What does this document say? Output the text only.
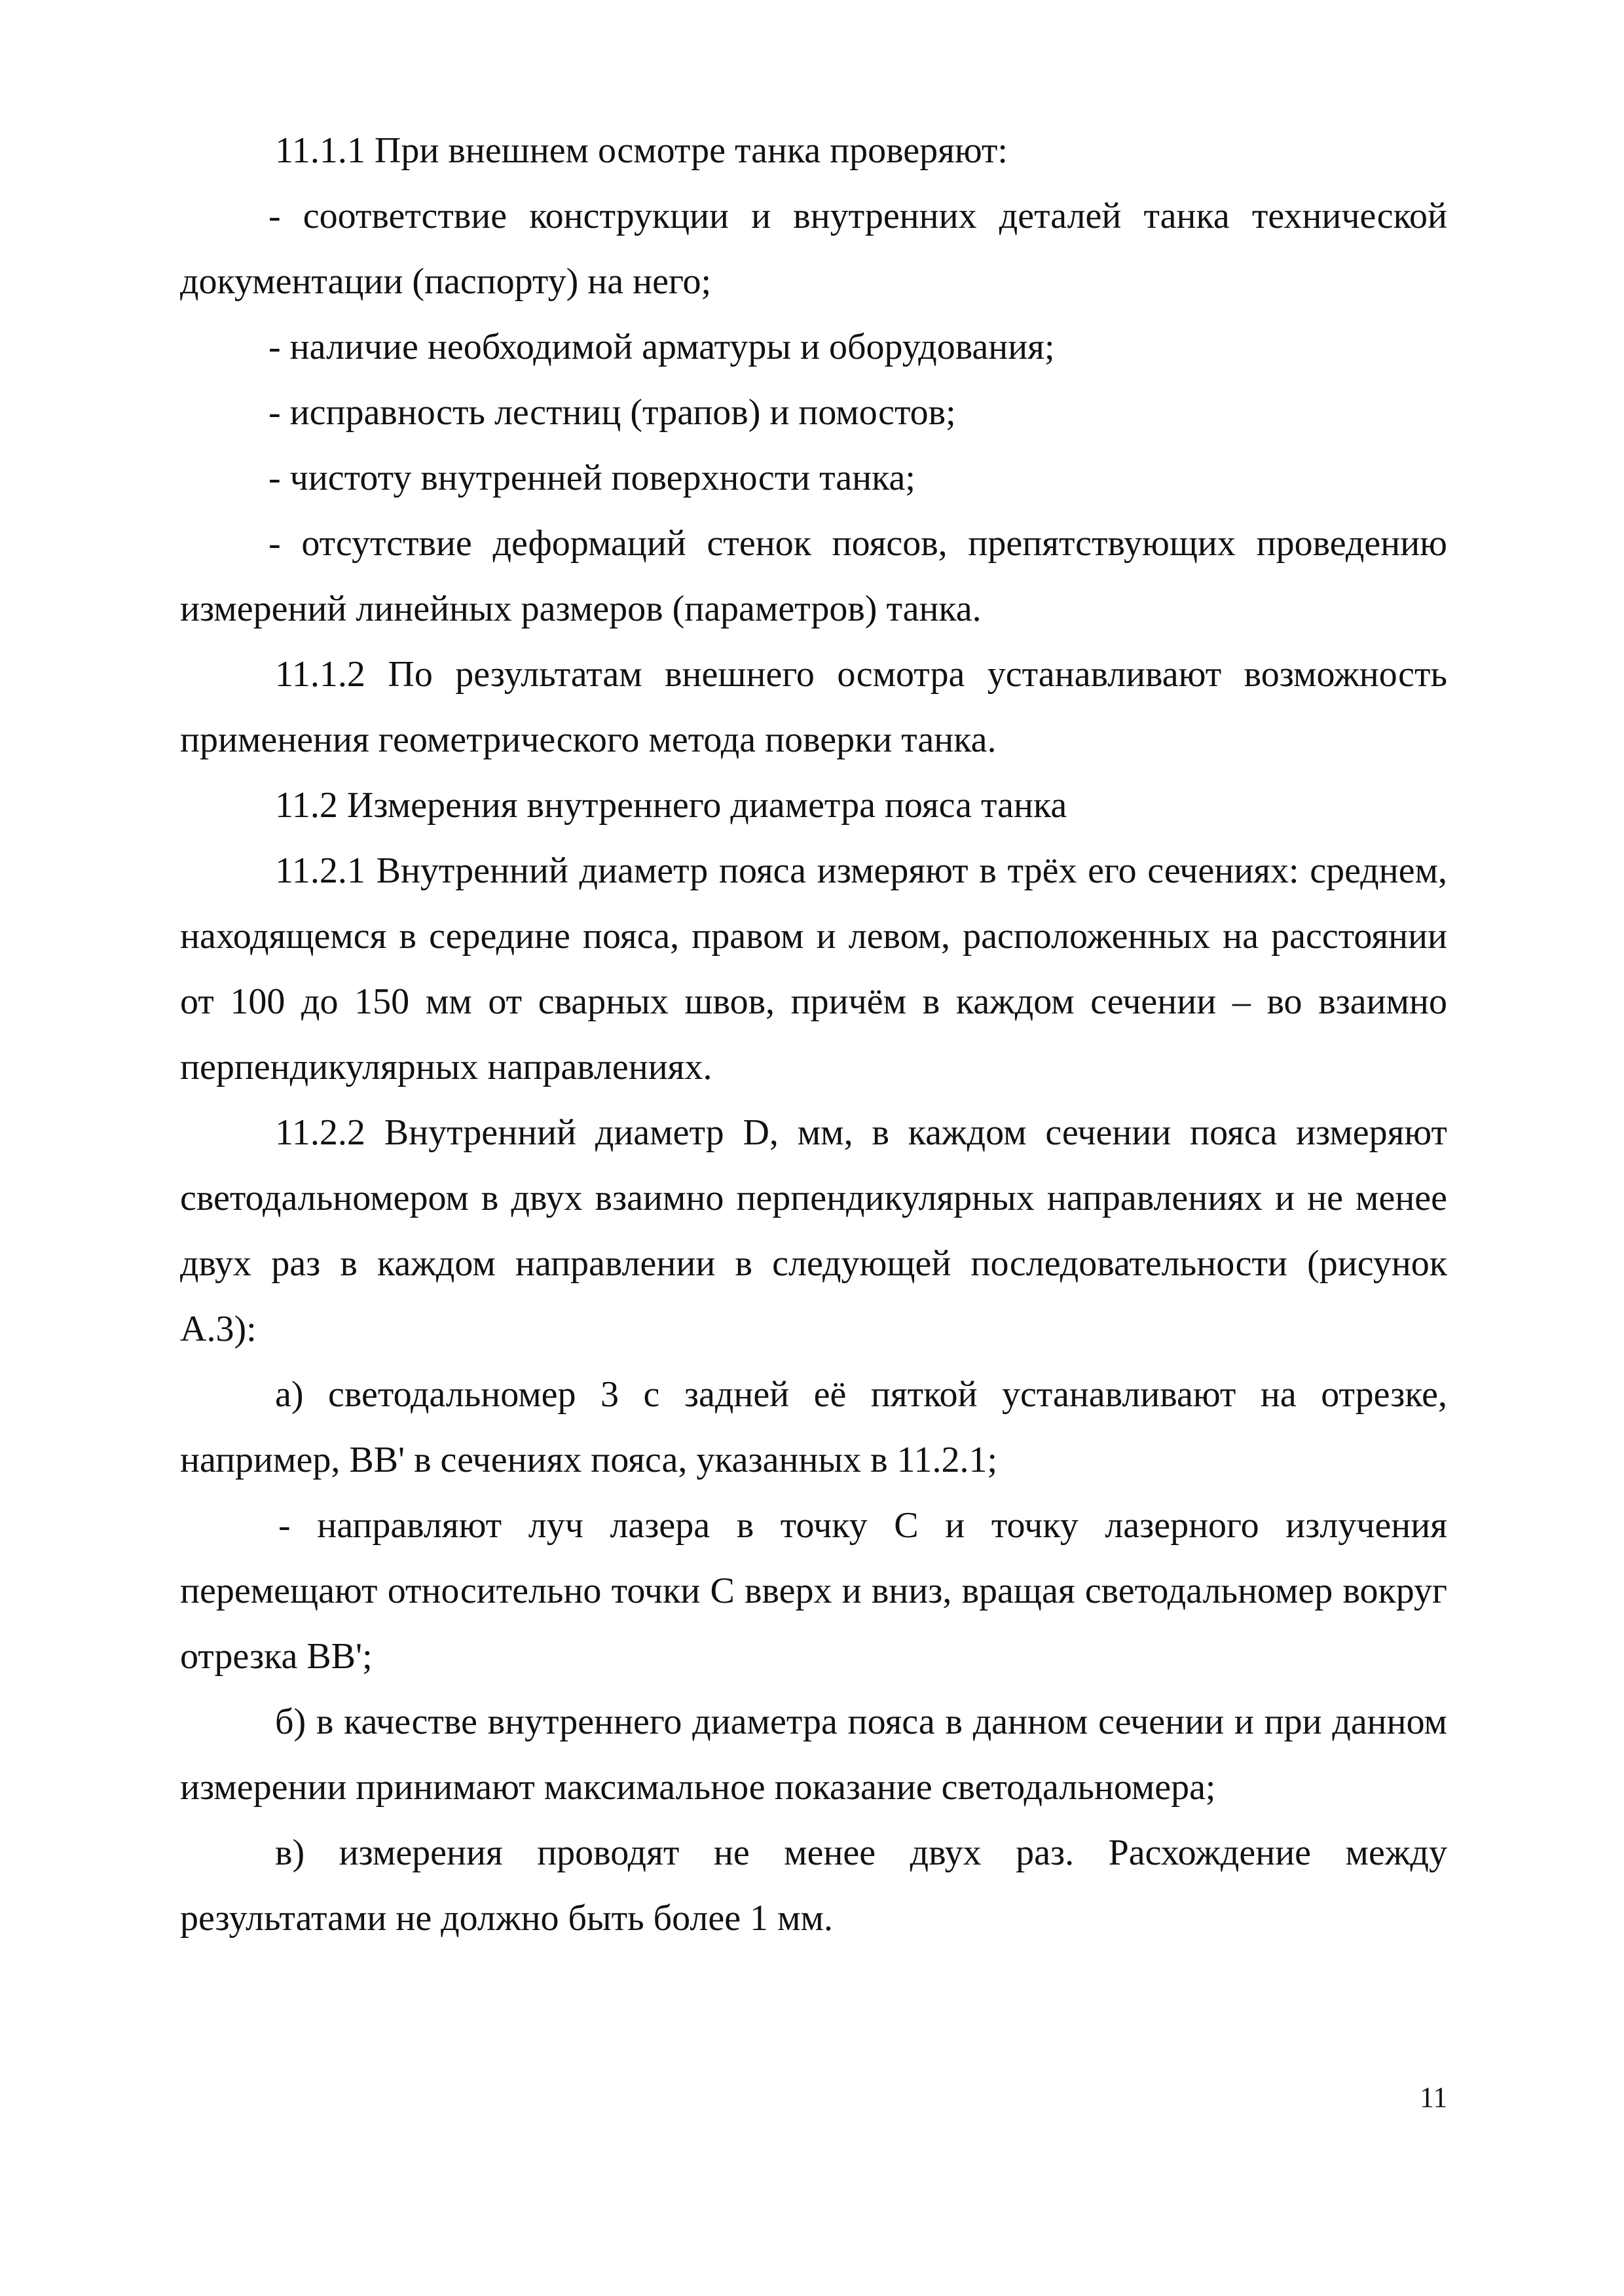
11.1.1 При внешнем осмотре танка проверяют:

- соответствие конструкции и внутренних деталей танка технической документации (паспорту) на него;

- наличие необходимой арматуры и оборудования;

- исправность лестниц (трапов) и помостов;

- чистоту внутренней поверхности танка;

- отсутствие деформаций стенок поясов, препятствующих проведению измерений линейных размеров (параметров) танка.

11.1.2 По результатам внешнего осмотра устанавливают возможность применения геометрического метода поверки танка.

11.2 Измерения внутреннего диаметра пояса танка

11.2.1 Внутренний диаметр пояса измеряют в трёх его сечениях: среднем, находящемся в середине пояса, правом и левом, расположенных на расстоянии от 100 до 150 мм от сварных швов, причём в каждом сечении – во взаимно перпендикулярных направлениях.

11.2.2 Внутренний диаметр D, мм, в каждом сечении пояса измеряют светодальномером в двух взаимно перпендикулярных направлениях и не менее двух раз в каждом направлении в следующей последовательности (рисунок А.3):

а) светодальномер 3 с задней её пяткой устанавливают на отрезке, например, BB' в сечениях пояса, указанных в 11.2.1;

- направляют луч лазера в точку С и точку лазерного излучения перемещают относительно точки С вверх и вниз, вращая светодальномер вокруг отрезка BB';

б) в качестве внутреннего диаметра пояса в данном сечении и при данном измерении принимают максимальное показание светодальномера;

в) измерения проводят не менее двух раз. Расхождение между результатами не должно быть более 1 мм.

11
